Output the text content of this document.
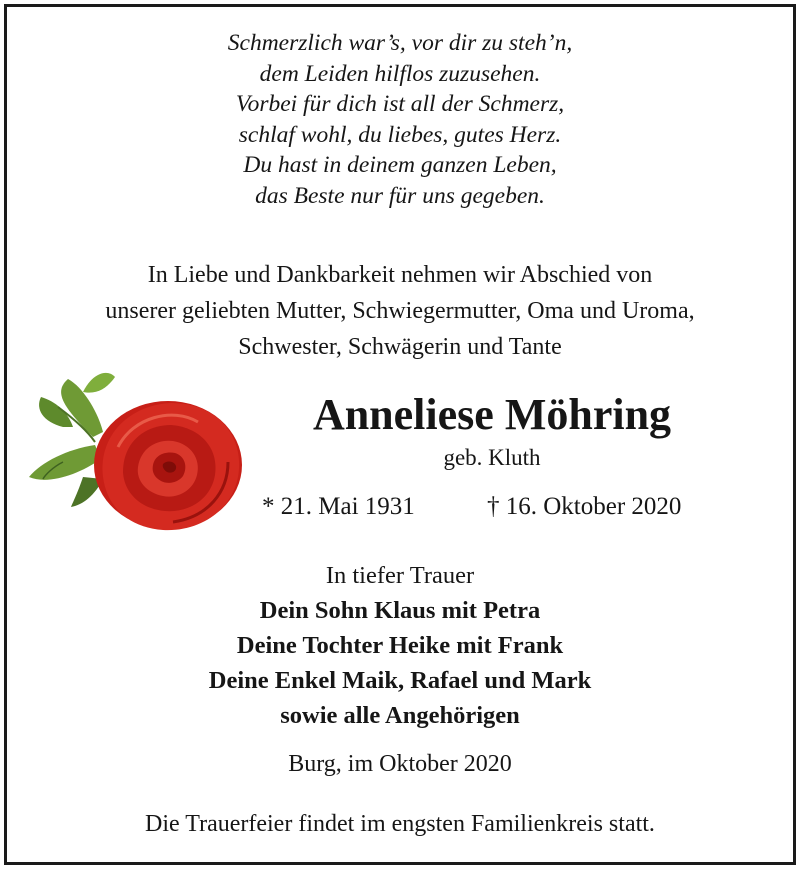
Schmerzlich war’s, vor dir zu steh’n,
dem Leiden hilflos zuzusehen.
Vorbei für dich ist all der Schmerz,
schlaf wohl, du liebes, gutes Herz.
Du hast in deinem ganzen Leben,
das Beste nur für uns gegeben.
In Liebe und Dankbarkeit nehmen wir Abschied von
unserer geliebten Mutter, Schwiegermutter, Oma und Uroma,
Schwester, Schwägerin und Tante
Anneliese Möhring
geb. Kluth
* 21. Mai 1931	† 16. Oktober 2020
In tiefer Trauer
Dein Sohn Klaus mit Petra
Deine Tochter Heike mit Frank
Deine Enkel Maik, Rafael und Mark
sowie alle Angehörigen
Burg, im Oktober 2020
Die Trauerfeier findet im engsten Familienkreis statt.
